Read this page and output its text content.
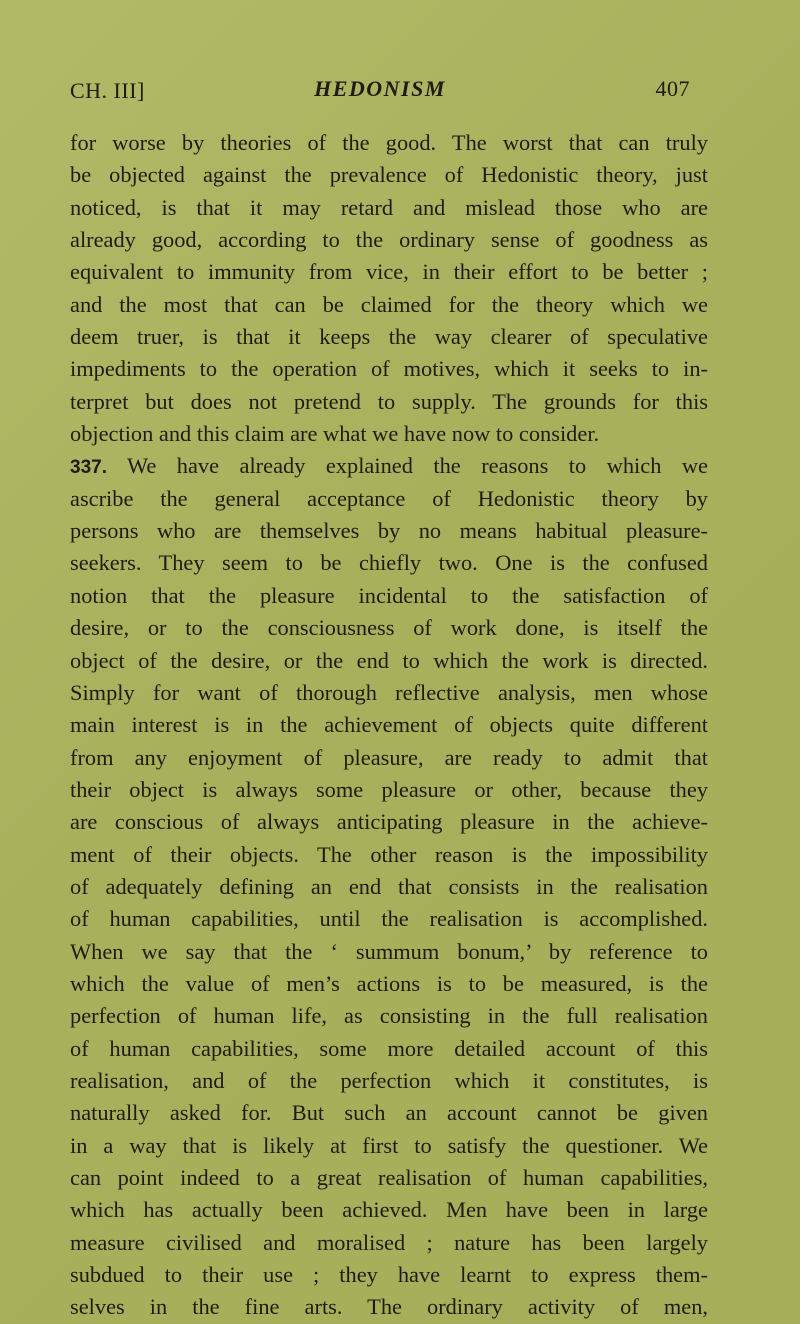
CH. III]	HEDONISM	407
for worse by theories of the good. The worst that can truly
be objected against the prevalence of Hedonistic theory, just
noticed, is that it may retard and mislead those who are
already good, according to the ordinary sense of goodness as
equivalent to immunity from vice, in their effort to be better ;
and the most that can be claimed for the theory which we
deem truer, is that it keeps the way clearer of speculative
impediments to the operation of motives, which it seeks to in-
terpret but does not pretend to supply. The grounds for this
objection and this claim are what we have now to consider.
337. We have already explained the reasons to which we
ascribe the general acceptance of Hedonistic theory by
persons who are themselves by no means habitual pleasure-
seekers. They seem to be chiefly two. One is the confused
notion that the pleasure incidental to the satisfaction of
desire, or to the consciousness of work done, is itself the
object of the desire, or the end to which the work is directed.
Simply for want of thorough reflective analysis, men whose
main interest is in the achievement of objects quite different
from any enjoyment of pleasure, are ready to admit that
their object is always some pleasure or other, because they
are conscious of always anticipating pleasure in the achieve-
ment of their objects. The other reason is the impossibility
of adequately defining an end that consists in the realisation
of human capabilities, until the realisation is accomplished.
When we say that the ‘ summum bonum,’ by reference to
which the value of men’s actions is to be measured, is the
perfection of human life, as consisting in the full realisation
of human capabilities, some more detailed account of this
realisation, and of the perfection which it constitutes, is
naturally asked for. But such an account cannot be given
in a way that is likely at first to satisfy the questioner. We
can point indeed to a great realisation of human capabilities,
which has actually been achieved. Men have been in large
measure civilised and moralised ; nature has been largely
subdued to their use ; they have learnt to express them-
selves in the fine arts. The ordinary activity of men,
